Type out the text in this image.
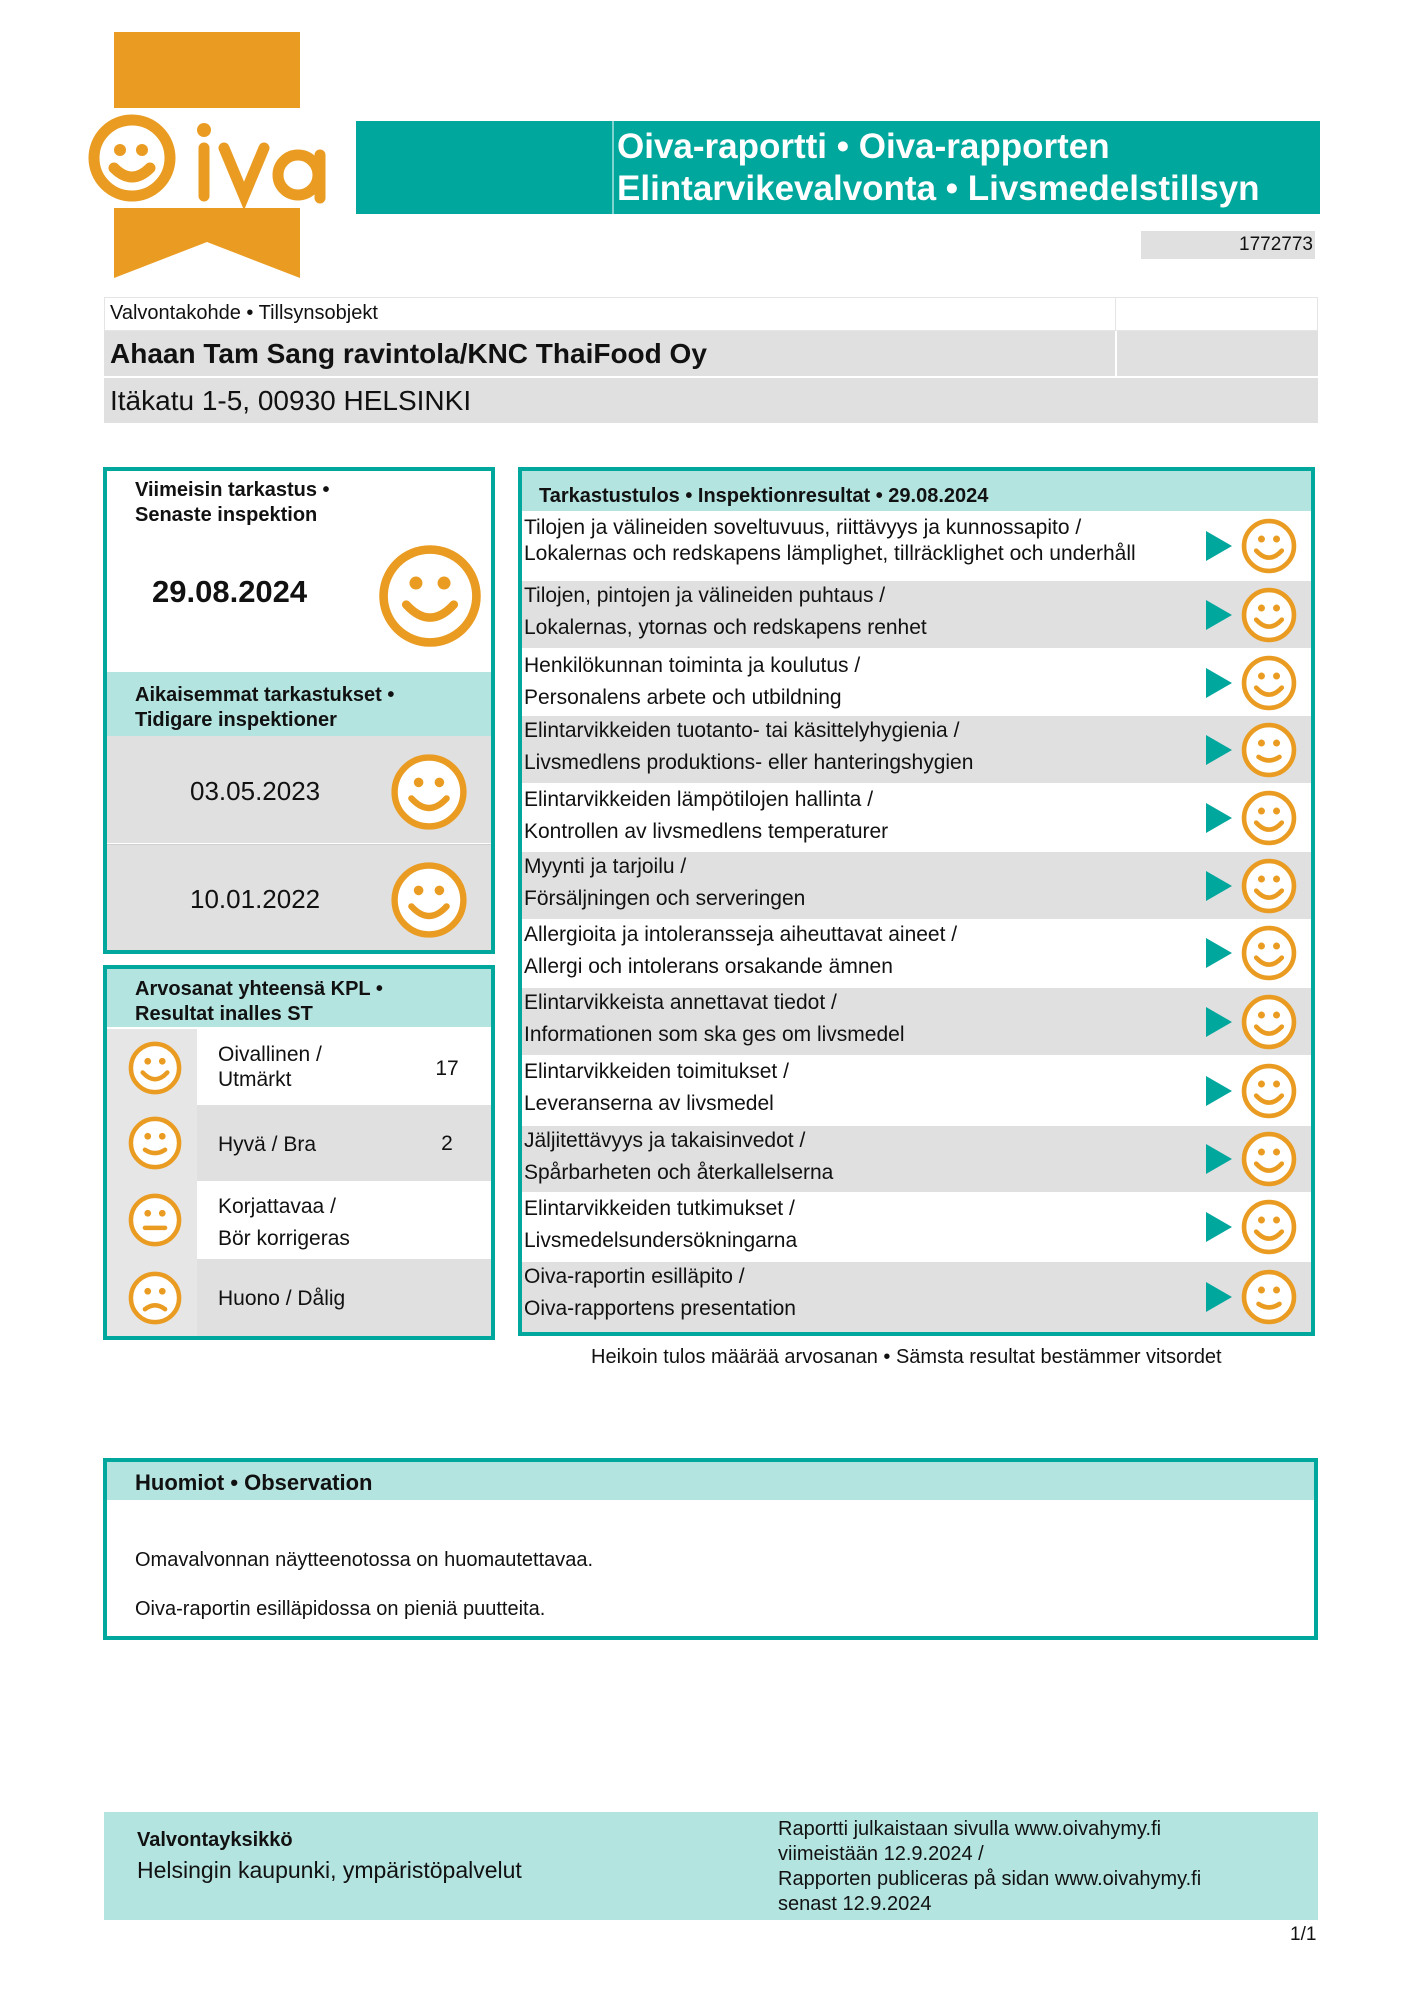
Oiva
Oiva-raportti • Oiva-rapporten
Elintarvikevalvonta • Livsmedelstillsyn
1772773
Valvontakohde • Tillsynsobjekt
Ahaan Tam Sang ravintola/KNC ThaiFood Oy
Itäkatu 1-5, 00930 HELSINKI
Viimeisin tarkastus •
Senaste inspektion
29.08.2024
Aikaisemmat tarkastukset •
Tidigare inspektioner
03.05.2023
10.01.2022
Arvosanat yhteensä KPL •
Resultat inalles ST
Oivallinen /
Utmärkt	17
Hyvä / Bra	2
Korjattavaa /
Bör korrigeras
Huono / Dålig
Tarkastustulos • Inspektionresultat • 29.08.2024
Tilojen ja välineiden soveltuvuus, riittävyys ja kunnossapito /
Lokalernas och redskapens lämplighet, tillräcklighet och underhåll
Tilojen, pintojen ja välineiden puhtaus /
Lokalernas, ytornas och redskapens renhet
Henkilökunnan toiminta ja koulutus /
Personalens arbete och utbildning
Elintarvikkeiden tuotanto- tai käsittelyhygienia /
Livsmedlens produktions- eller hanteringshygien
Elintarvikkeiden lämpötilojen hallinta /
Kontrollen av livsmedlens temperaturer
Myynti ja tarjoilu /
Försäljningen och serveringen
Allergioita ja intoleransseja aiheuttavat aineet /
Allergi och intolerans orsakande ämnen
Elintarvikkeista annettavat tiedot /
Informationen som ska ges om livsmedel
Elintarvikkeiden toimitukset /
Leveranserna av livsmedel
Jäljitettävyys ja takaisinvedot /
Spårbarheten och återkallelserna
Elintarvikkeiden tutkimukset /
Livsmedelsundersökningarna
Oiva-raportin esilläpito /
Oiva-rapportens presentation
Heikoin tulos määrää arvosanan • Sämsta resultat bestämmer vitsordet
Huomiot • Observation
Omavalvonnan näytteenotossa on huomautettavaa.
Oiva-raportin esilläpidossa on pieniä puutteita.
Valvontayksikkö
Helsingin kaupunki, ympäristöpalvelut
Raportti julkaistaan sivulla www.oivahymy.fi
viimeistään 12.9.2024 /
Rapporten publiceras på sidan www.oivahymy.fi
senast 12.9.2024
1/1
